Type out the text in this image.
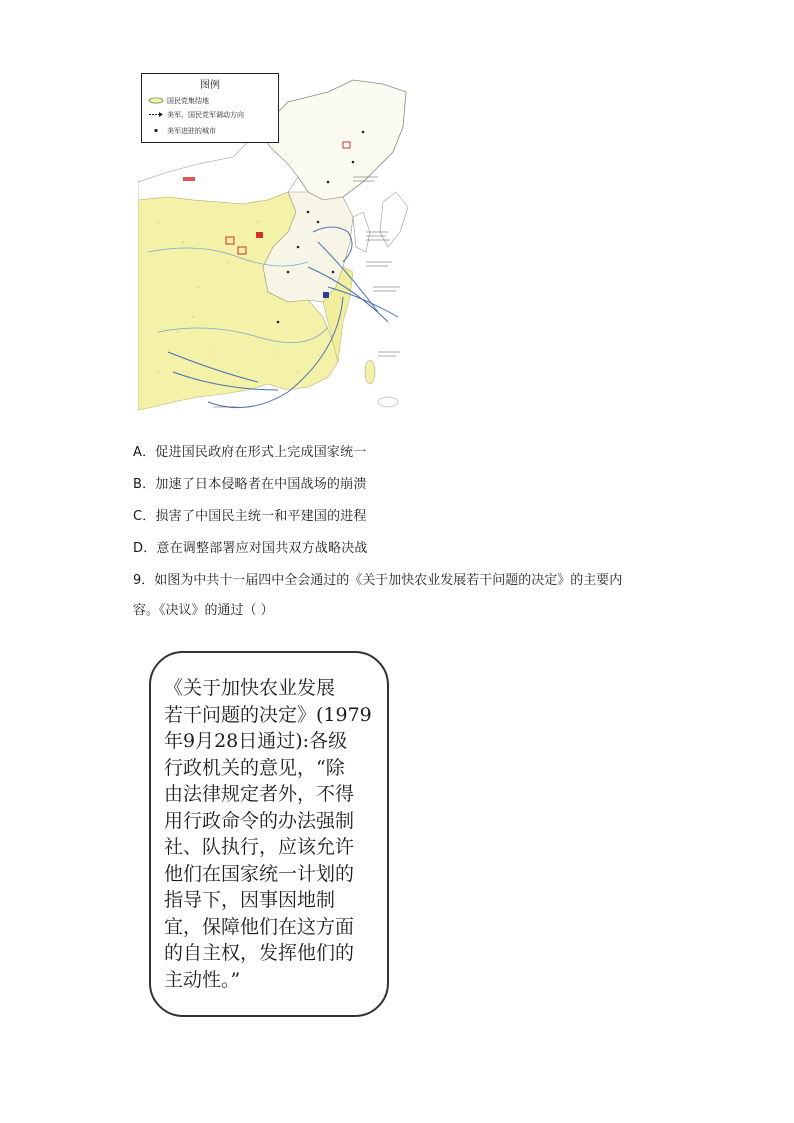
图例
国民党集结地
美军、国民党军调动方向
美军进驻的城市
A．促进国民政府在形式上完成国家统一
B．加速了日本侵略者在中国战场的崩溃
C．损害了中国民主统一和平建国的进程
D．意在调整部署应对国共双方战略决战
9．如图为中共十一届四中全会通过的《关于加快农业发展若干问题的决定》的主要内
容。《决议》的通过（ ）
《关于加快农业发展
若干问题的决定》(1979
年9月28日通过):各级
行政机关的意见，“除
由法律规定者外，不得
用行政命令的办法强制
社、队执行，应该允许
他们在国家统一计划的
指导下，因事因地制
宜，保障他们在这方面
的自主权，发挥他们的
主动性。”
